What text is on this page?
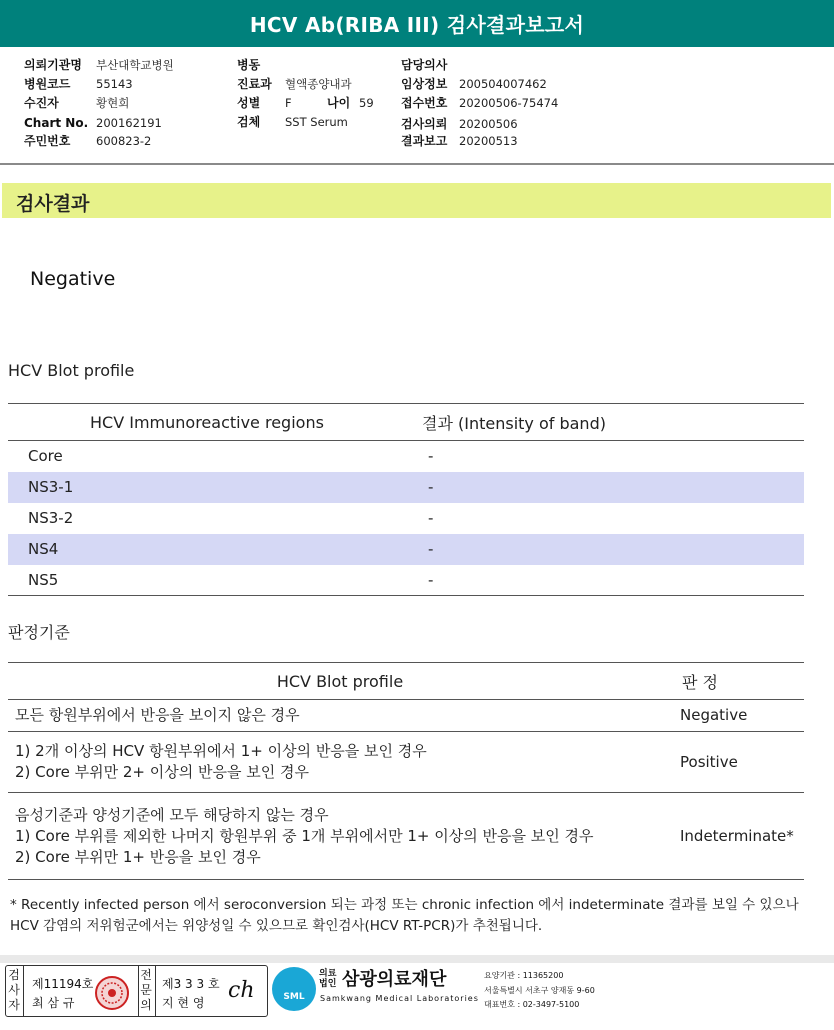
HCV Ab(RIBA III) 검사결과보고서
의뢰기관명 부산대학교병원
병원코드 55143
수진자	황현희
Chart No. 200162191
주민번호 600823-2
병동
진료과 혈액종양내과
성별 F	나이 59
검체 SST Serum
담당의사
임상정보 200504007462
접수번호 20200506-75474
검사의뢰 20200506
결과보고 20200513
검사결과
Negative
HCV Blot profile
HCV Immunoreactive regions	결과 (Intensity of band)
Core	-
NS3-1	-
NS3-2	-
NS4	-
NS5	-
판정기준
HCV Blot profile	판 정

모든 항원부위에서 반응을 보이지 않은 경우	Negative

1) 2개 이상의 HCV 항원부위에서 1+ 이상의 반응을 보인 경우
2) Core 부위만 2+ 이상의 반응을 보인 경우	Positive

음성기준과 양성기준에 모두 해당하지 않는 경우
1) Core 부위를 제외한 나머지 항원부위 중 1개 부위에서만 1+ 이상의 반응을 보인 경우
2) Core 부위만 1+ 반응을 보인 경우	Indeterminate*
* Recently infected person 에서 seroconversion 되는 과정 또는 chronic infection 에서 indeterminate 결과를 보일 수 있으나 HCV 감염의 저위험군에서는 위양성일 수 있으므로 확인검사(HCV RT-PCR)가 추천됩니다.
검
사
자
제11194호
최 삼 규
전
문
의
제3 3 3 호
지 현 영 ch	SML
의료
법인 삼광의료재단
Samkwang Medical Laboratories
요양기관 : 11365200
서울특별시 서초구 양재동 9-60
대표번호 : 02-3497-5100
